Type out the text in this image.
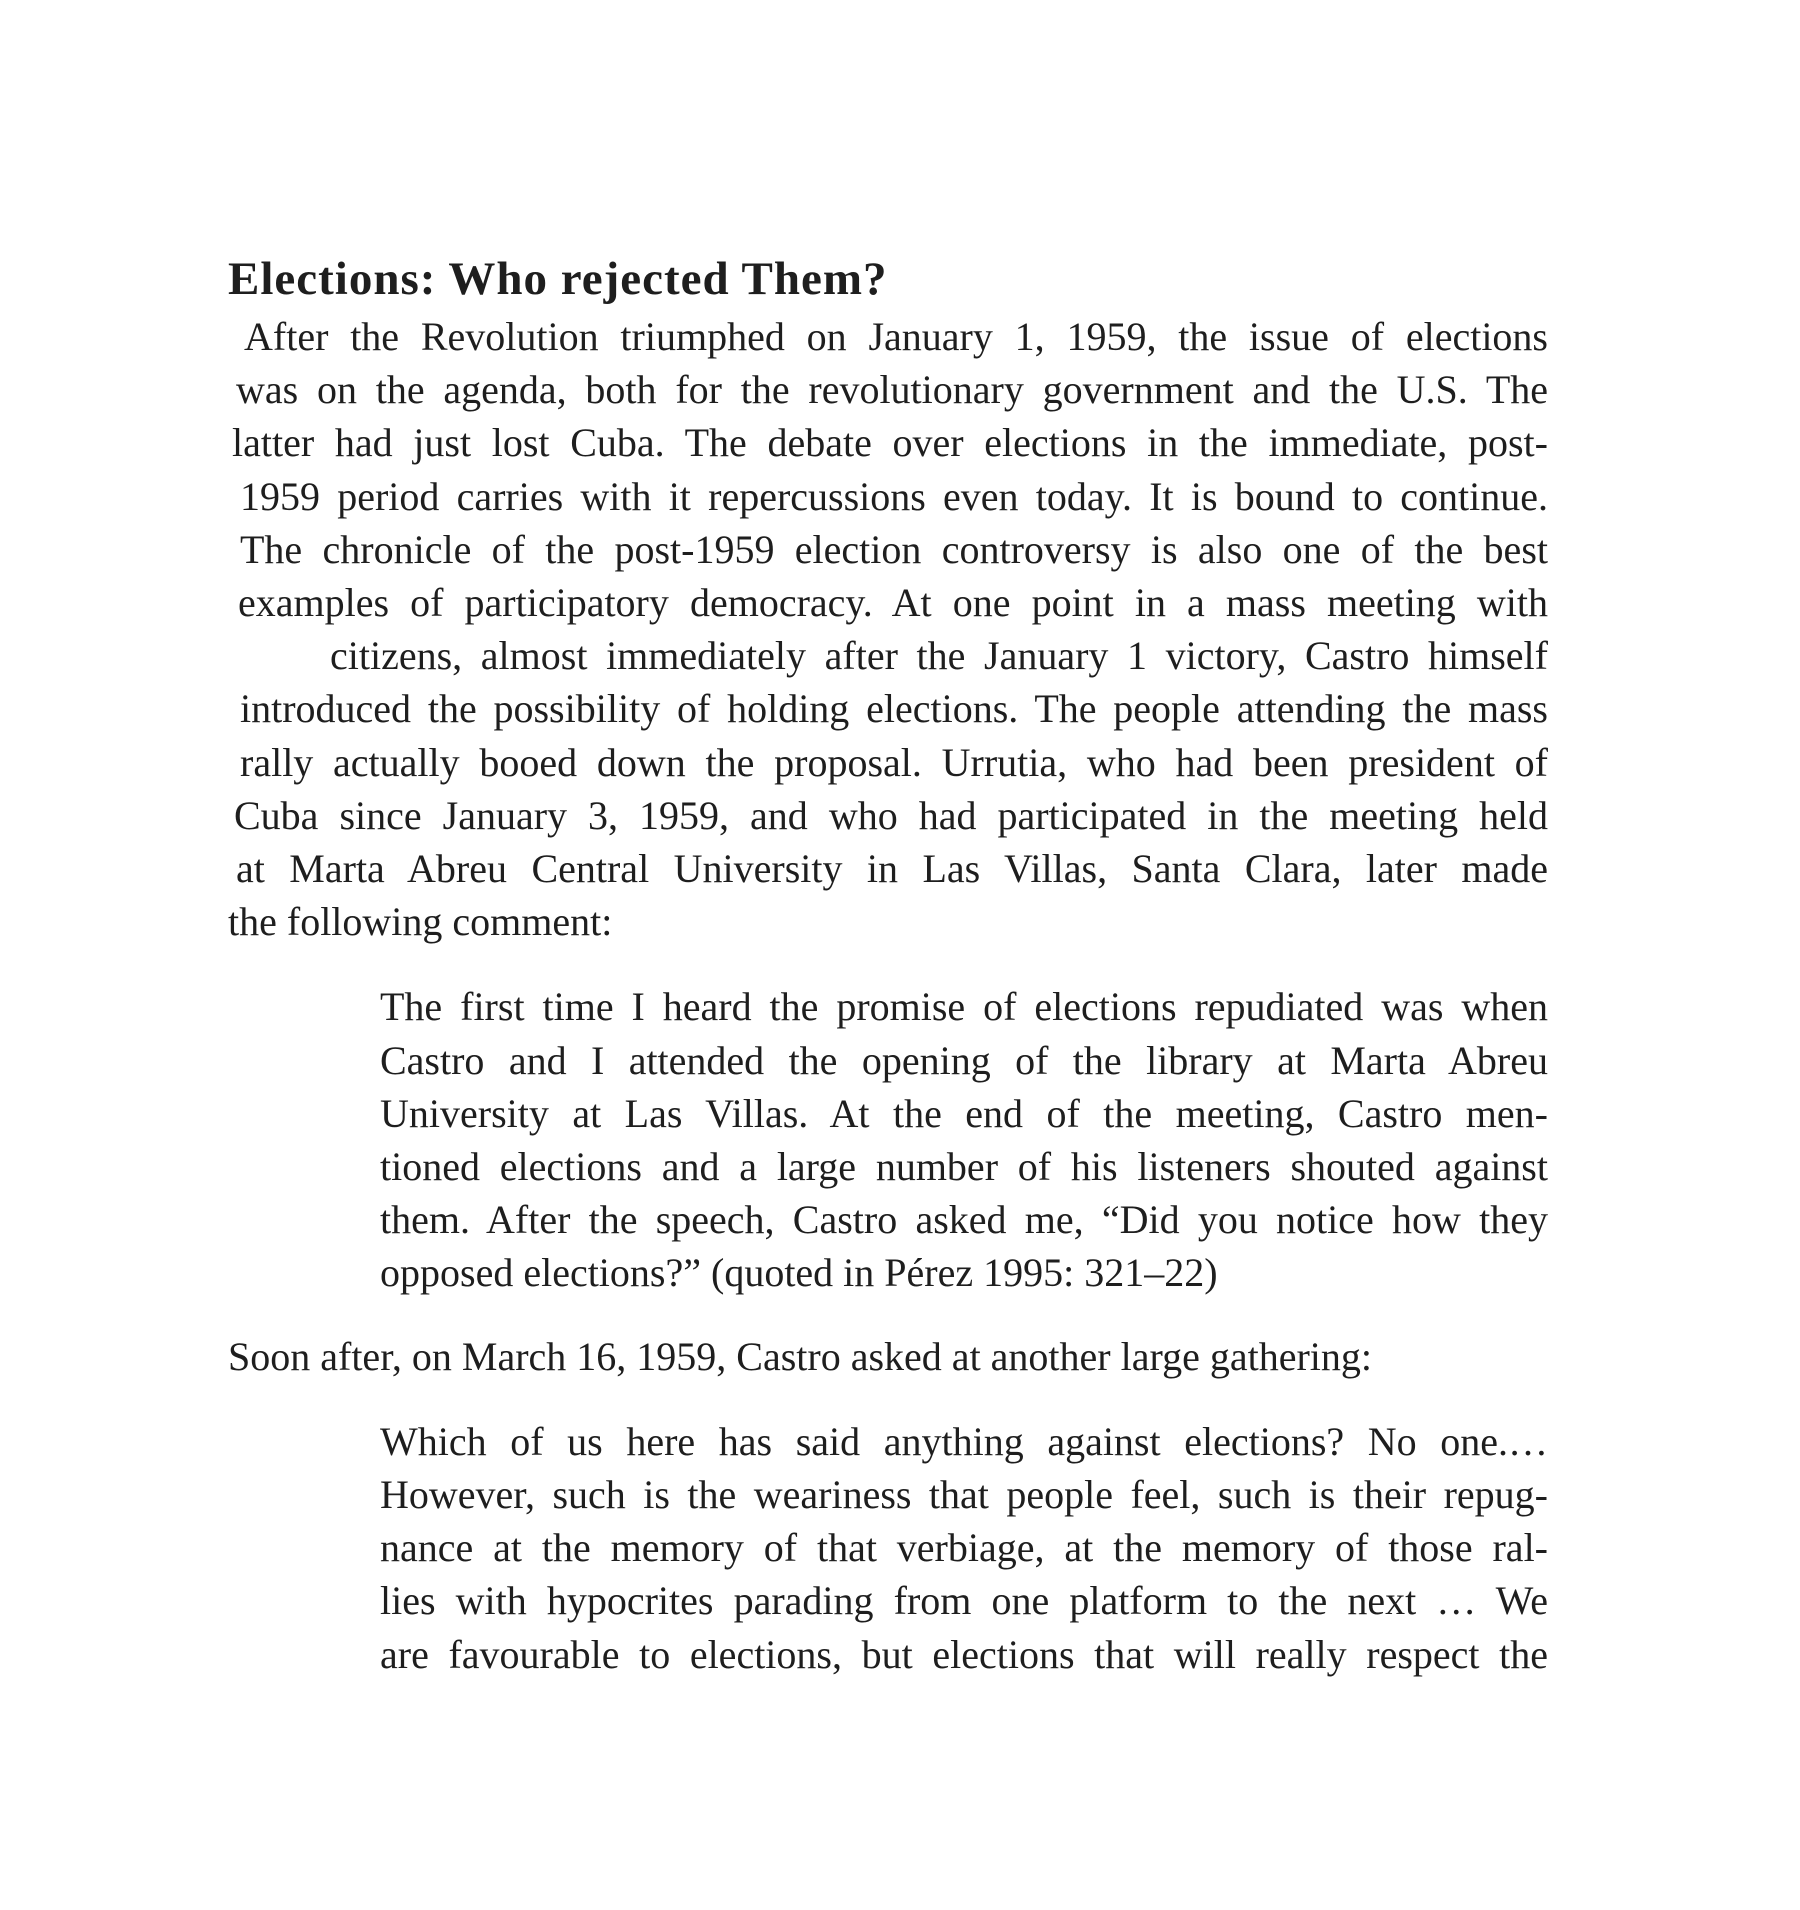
Elections: Who rejected Them?
After the Revolution triumphed on January 1, 1959, the issue of elections
was on the agenda, both for the revolutionary government and the U.S. The
latter had just lost Cuba. The debate over elections in the immediate, post-
1959 period carries with it repercussions even today. It is bound to continue.
The chronicle of the post-1959 election controversy is also one of the best
examples of participatory democracy. At one point in a mass meeting with
citizens, almost immediately after the January 1 victory, Castro himself
introduced the possibility of holding elections. The people attending the mass
rally actually booed down the proposal. Urrutia, who had been president of
Cuba since January 3, 1959, and who had participated in the meeting held
at Marta Abreu Central University in Las Villas, Santa Clara, later made
the following comment:
The first time I heard the promise of elections repudiated was when
Castro and I attended the opening of the library at Marta Abreu
University at Las Villas. At the end of the meeting, Castro men-
tioned elections and a large number of his listeners shouted against
them. After the speech, Castro asked me, “Did you notice how they
opposed elections?” (quoted in Pérez 1995: 321–22)
Soon after, on March 16, 1959, Castro asked at another large gathering:
Which of us here has said anything against elections? No one.…
However, such is the weariness that people feel, such is their repug-
nance at the memory of that verbiage, at the memory of those ral-
lies with hypocrites parading from one platform to the next … We
are favourable to elections, but elections that will really respect the
